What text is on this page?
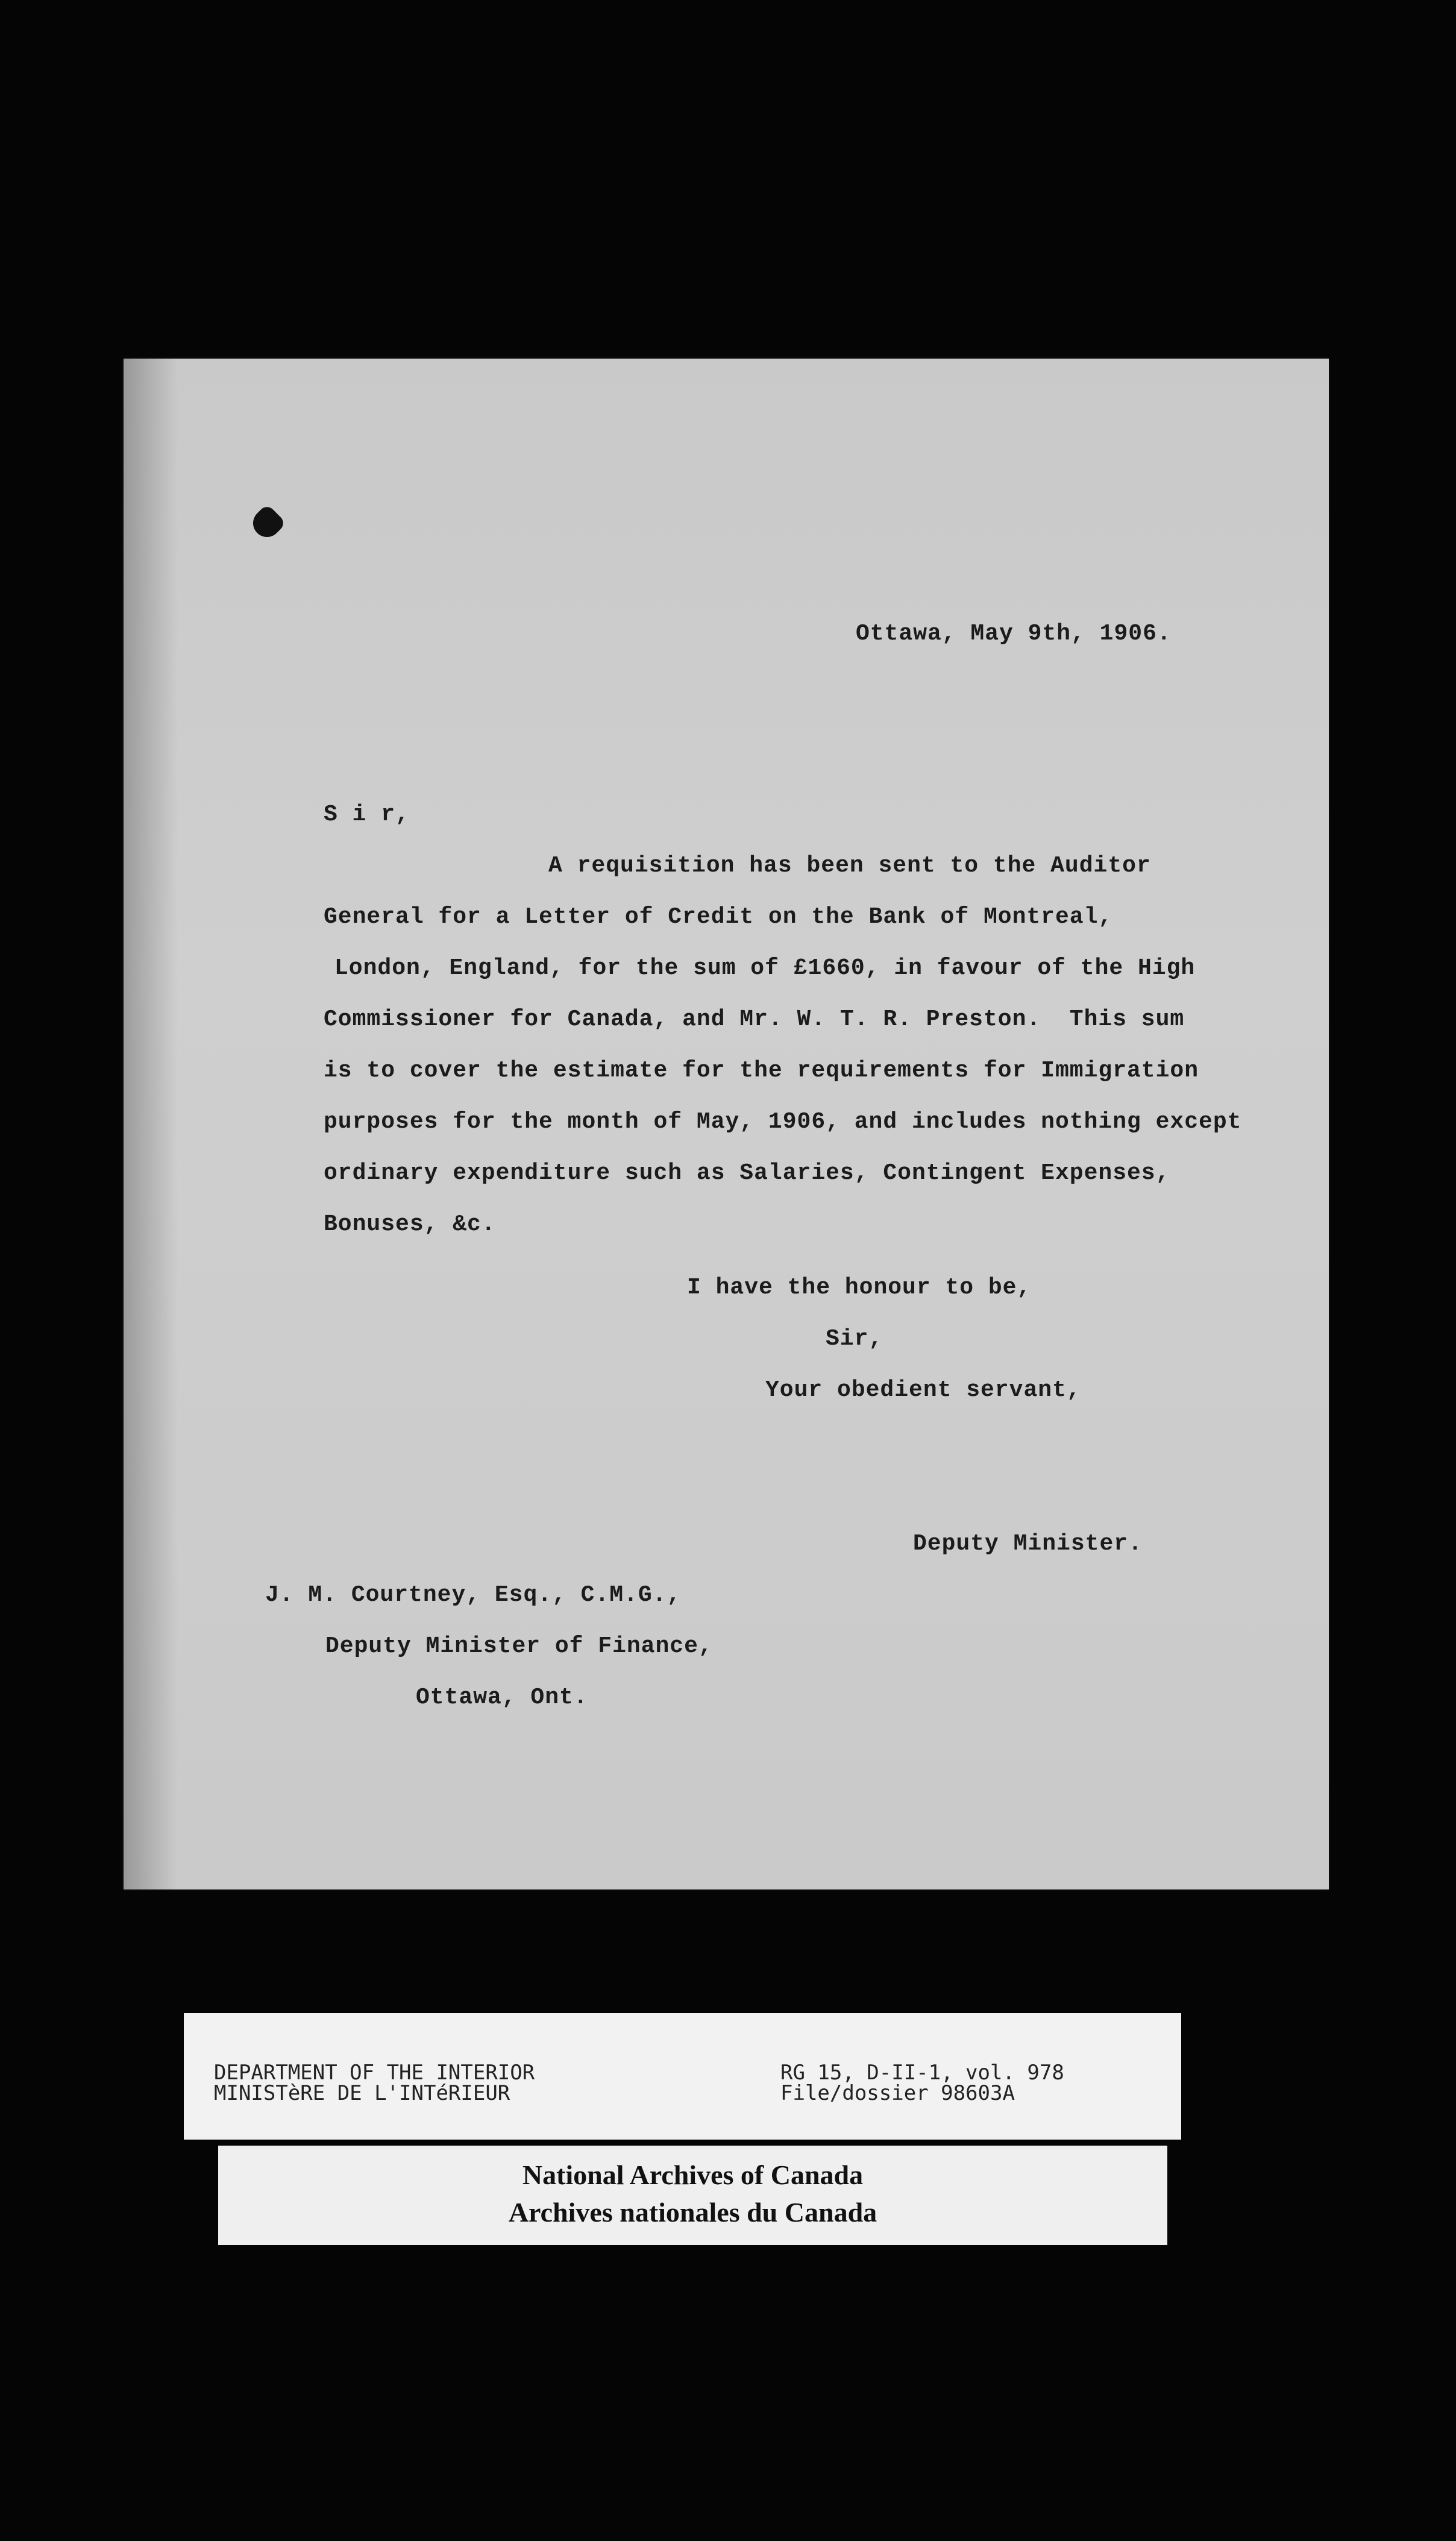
Ottawa, May 9th, 1906.
S i r,
A requisition has been sent to the Auditor
General for a Letter of Credit on the Bank of Montreal,
London, England, for the sum of £1660, in favour of the High
Commissioner for Canada, and Mr. W. T. R. Preston.  This sum
is to cover the estimate for the requirements for Immigration
purposes for the month of May, 1906, and includes nothing except
ordinary expenditure such as Salaries, Contingent Expenses,
Bonuses, &c.
I have the honour to be,
Sir,
Your obedient servant,
Deputy Minister.
J. M. Courtney, Esq., C.M.G.,
Deputy Minister of Finance,
Ottawa, Ont.
DEPARTMENT OF THE INTERIOR
MINISTèRE DE L'INTéRIEUR
RG 15, D-II-1, vol. 978
File/dossier 98603A
National Archives of Canada
Archives nationales du Canada
